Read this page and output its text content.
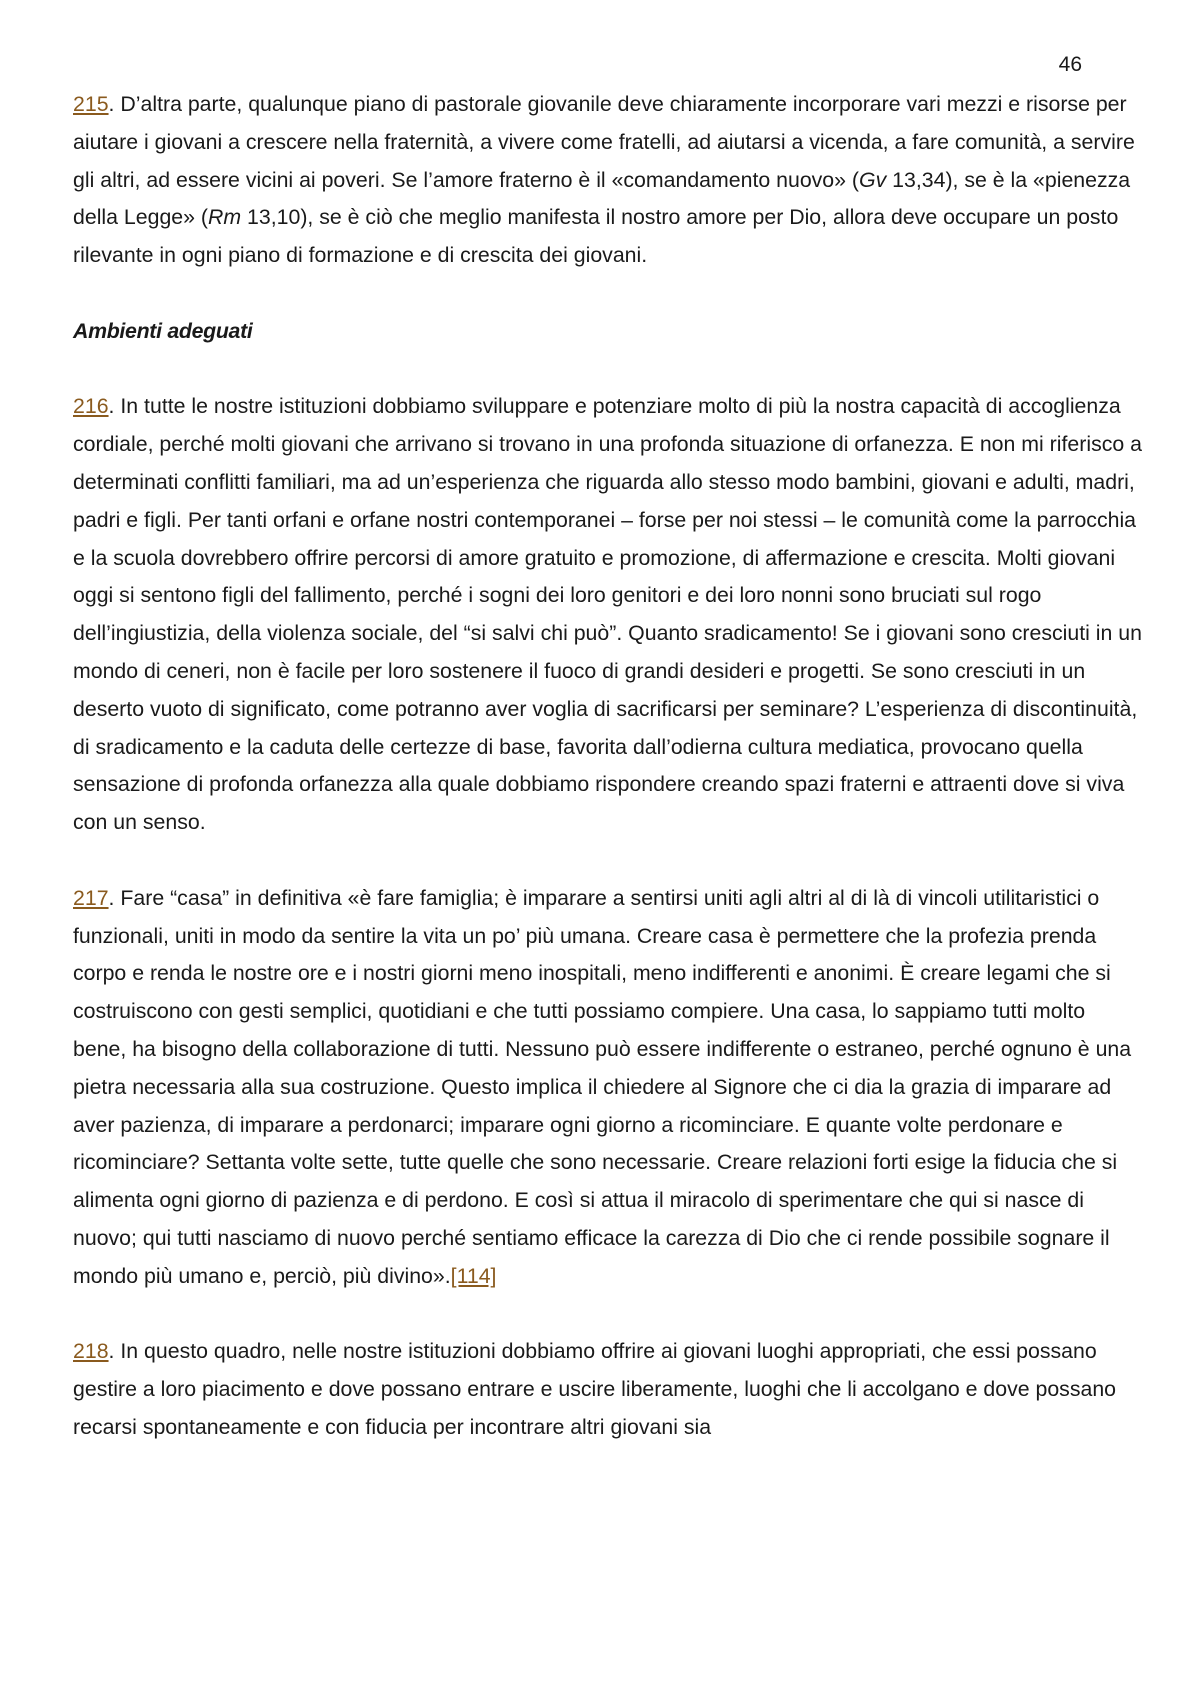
46

215. D’altra parte, qualunque piano di pastorale giovanile deve chiaramente incorporare vari mezzi e risorse per aiutare i giovani a crescere nella fraternità, a vivere come fratelli, ad aiutarsi a vicenda, a fare comunità, a servire gli altri, ad essere vicini ai poveri. Se l’amore fraterno è il «comandamento nuovo» (Gv 13,34), se è la «pienezza della Legge» (Rm 13,10), se è ciò che meglio manifesta il nostro amore per Dio, allora deve occupare un posto rilevante in ogni piano di formazione e di crescita dei giovani.

Ambienti adeguati

216. In tutte le nostre istituzioni dobbiamo sviluppare e potenziare molto di più la nostra capacità di accoglienza cordiale, perché molti giovani che arrivano si trovano in una profonda situazione di orfanezza. E non mi riferisco a determinati conflitti familiari, ma ad un’esperienza che riguarda allo stesso modo bambini, giovani e adulti, madri, padri e figli. Per tanti orfani e orfane nostri contemporanei – forse per noi stessi – le comunità come la parrocchia e la scuola dovrebbero offrire percorsi di amore gratuito e promozione, di affermazione e crescita. Molti giovani oggi si sentono figli del fallimento, perché i sogni dei loro genitori e dei loro nonni sono bruciati sul rogo dell’ingiustizia, della violenza sociale, del “si salvi chi può”. Quanto sradicamento! Se i giovani sono cresciuti in un mondo di ceneri, non è facile per loro sostenere il fuoco di grandi desideri e progetti. Se sono cresciuti in un deserto vuoto di significato, come potranno aver voglia di sacrificarsi per seminare? L’esperienza di discontinuità, di sradicamento e la caduta delle certezze di base, favorita dall’odierna cultura mediatica, provocano quella sensazione di profonda orfanezza alla quale dobbiamo rispondere creando spazi fraterni e attraenti dove si viva con un senso.

217. Fare “casa” in definitiva «è fare famiglia; è imparare a sentirsi uniti agli altri al di là di vincoli utilitaristici o funzionali, uniti in modo da sentire la vita un po’ più umana. Creare casa è permettere che la profezia prenda corpo e renda le nostre ore e i nostri giorni meno inospitali, meno indifferenti e anonimi. È creare legami che si costruiscono con gesti semplici, quotidiani e che tutti possiamo compiere. Una casa, lo sappiamo tutti molto bene, ha bisogno della collaborazione di tutti. Nessuno può essere indifferente o estraneo, perché ognuno è una pietra necessaria alla sua costruzione. Questo implica il chiedere al Signore che ci dia la grazia di imparare ad aver pazienza, di imparare a perdonarci; imparare ogni giorno a ricominciare. E quante volte perdonare e ricominciare? Settanta volte sette, tutte quelle che sono necessarie. Creare relazioni forti esige la fiducia che si alimenta ogni giorno di pazienza e di perdono. E così si attua il miracolo di sperimentare che qui si nasce di nuovo; qui tutti nasciamo di nuovo perché sentiamo efficace la carezza di Dio che ci rende possibile sognare il mondo più umano e, perciò, più divino».[114]

218. In questo quadro, nelle nostre istituzioni dobbiamo offrire ai giovani luoghi appropriati, che essi possano gestire a loro piacimento e dove possano entrare e uscire liberamente, luoghi che li accolgano e dove possano recarsi spontaneamente e con fiducia per incontrare altri giovani sia
